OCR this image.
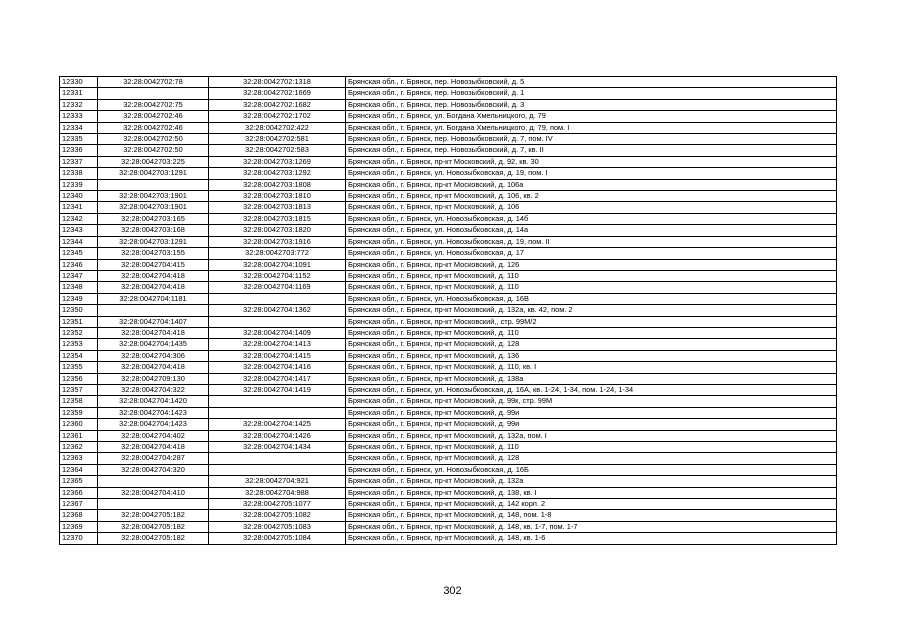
12330	32:28:0042702:78	32:28:0042702:1318	Брянская обл., г. Брянск, пер. Новозыбковский, д. 5
12331		32:28:0042702:1669	Брянская обл., г. Брянск, пер. Новозыбковский, д. 1
12332	32:28:0042702:75	32:28:0042702:1682	Брянская обл., г. Брянск, пер. Новозыбковский, д. 3
12333	32:28:0042702:46	32:28:0042702:1702	Брянская обл., г. Брянск, ул. Богдана Хмельницкого, д. 79
12334	32:28:0042702:46	32:28:0042702:422	Брянская обл., г. Брянск, ул. Богдана Хмельницкого, д. 79, пом. I
12335	32:28:0042702:50	32:28:0042702:581	Брянская обл., г. Брянск, пер. Новозыбковский, д. 7, пом. IV
12336	32:28:0042702:50	32:28:0042702:583	Брянская обл., г. Брянск, пер. Новозыбковский, д. 7, кв. II
12337	32:28:0042703:225	32:28:0042703:1269	Брянская обл., г. Брянск, пр-кт Московский, д. 92, кв. 30
12338	32:28:0042703:1291	32:28:0042703:1292	Брянская обл., г. Брянск, ул. Новозыбковская, д. 19, пом. I
12339		32:28:0042703:1808	Брянская обл., г. Брянск, пр-кт Московский, д. 106а
12340	32:28:0042703:1901	32:28:0042703:1810	Брянская обл., г. Брянск, пр-кт Московский, д. 106, кв. 2
12341	32:28:0042703:1901	32:28:0042703:1813	Брянская обл., г. Брянск, пр-кт Московский, д. 106
12342	32:28:0042703:165	32:28:0042703:1815	Брянская обл., г. Брянск, ул. Новозыбковская, д. 14б
12343	32:28:0042703:168	32:28:0042703:1820	Брянская обл., г. Брянск, ул. Новозыбковская, д. 14а
12344	32:28:0042703:1291	32:28:0042703:1916	Брянская обл., г. Брянск, ул. Новозыбковская, д. 19, пом. II
12345	32:28:0042703:155	32:28:0042703:772	Брянская обл., г. Брянск, ул. Новозыбковская, д. 17
12346	32:28:0042704:415	32:28:0042704:1091	Брянская обл., г. Брянск, пр-кт Московский, д. 126
12347	32:28:0042704:418	32:28:0042704:1152	Брянская обл., г. Брянск, пр-кт Московский, д. 110
12348	32:28:0042704:418	32:28:0042704:1169	Брянская обл., г. Брянск, пр-кт Московский, д. 110
12349	32:28:0042704:1181		Брянская обл., г. Брянск, ул. Новозыбковская, д. 16В
12350		32:28:0042704:1362	Брянская обл., г. Брянск, пр-кт Московский, д. 132а, кв. 42, пом. 2
12351	32:28:0042704:1407		Брянская обл., г. Брянск, пр-кт Московский,, стр. 99М/2
12352	32:28:0042704:418	32:28:0042704:1409	Брянская обл., г. Брянск, пр-кт Московский, д. 110
12353	32:28:0042704:1435	32:28:0042704:1413	Брянская обл., г. Брянск, пр-кт Московский, д. 128
12354	32:28:0042704:306	32:28:0042704:1415	Брянская обл., г. Брянск, пр-кт Московский, д. 136
12355	32:28:0042704:418	32:28:0042704:1416	Брянская обл., г. Брянск, пр-кт Московский, д. 110, кв. I
12356	32:28:0042709:130	32:28:0042704:1417	Брянская обл., г. Брянск, пр-кт Московский, д. 138а
12357	32:28:0042704:322	32:28:0042704:1419	Брянская обл., г. Брянск, ул. Новозыбковская, д. 16А, кв. 1-24, 1-34, пом. 1-24, 1-34
12358	32:28:0042704:1420		Брянская обл., г. Брянск, пр-кт Московский, д. 99к, стр. 99М
12359	32:28:0042704:1423		Брянская обл., г. Брянск, пр-кт Московский, д. 99и
12360	32:28:0042704:1423	32:28:0042704:1425	Брянская обл., г. Брянск, пр-кт Московский, д. 99и
12361	32:28:0042704:402	32:28:0042704:1426	Брянская обл., г. Брянск, пр-кт Московский, д. 132а, пом. I
12362	32:28:0042704:418	32:28:0042704:1434	Брянская обл., г. Брянск, пр-кт Московский, д. 110
12363	32:28:0042704:287		Брянская обл., г. Брянск, пр-кт Московский, д. 128
12364	32:28:0042704:320		Брянская обл., г. Брянск, ул. Новозыбковская, д. 16Б
12365		32:28:0042704:921	Брянская обл., г. Брянск, пр-кт Московский, д. 132а
12366	32:28:0042704:410	32:28:0042704:988	Брянская обл., г. Брянск, пр-кт Московский, д. 138, кв. I
12367		32:28:0042705:1077	Брянская обл., г. Брянск, пр-кт Московский, д. 142 корп. 2
12368	32:28:0042705:182	32:28:0042705:1082	Брянская обл., г. Брянск, пр-кт Московский, д. 148, пом. 1-8
12369	32:28:0042705:182	32:28:0042705:1083	Брянская обл., г. Брянск, пр-кт Московский, д. 148, кв. 1-7, пом. 1-7
12370	32:28:0042705:182	32:28:0042705:1084	Брянская обл., г. Брянск, пр-кт Московский, д. 148, кв. 1-6
302
